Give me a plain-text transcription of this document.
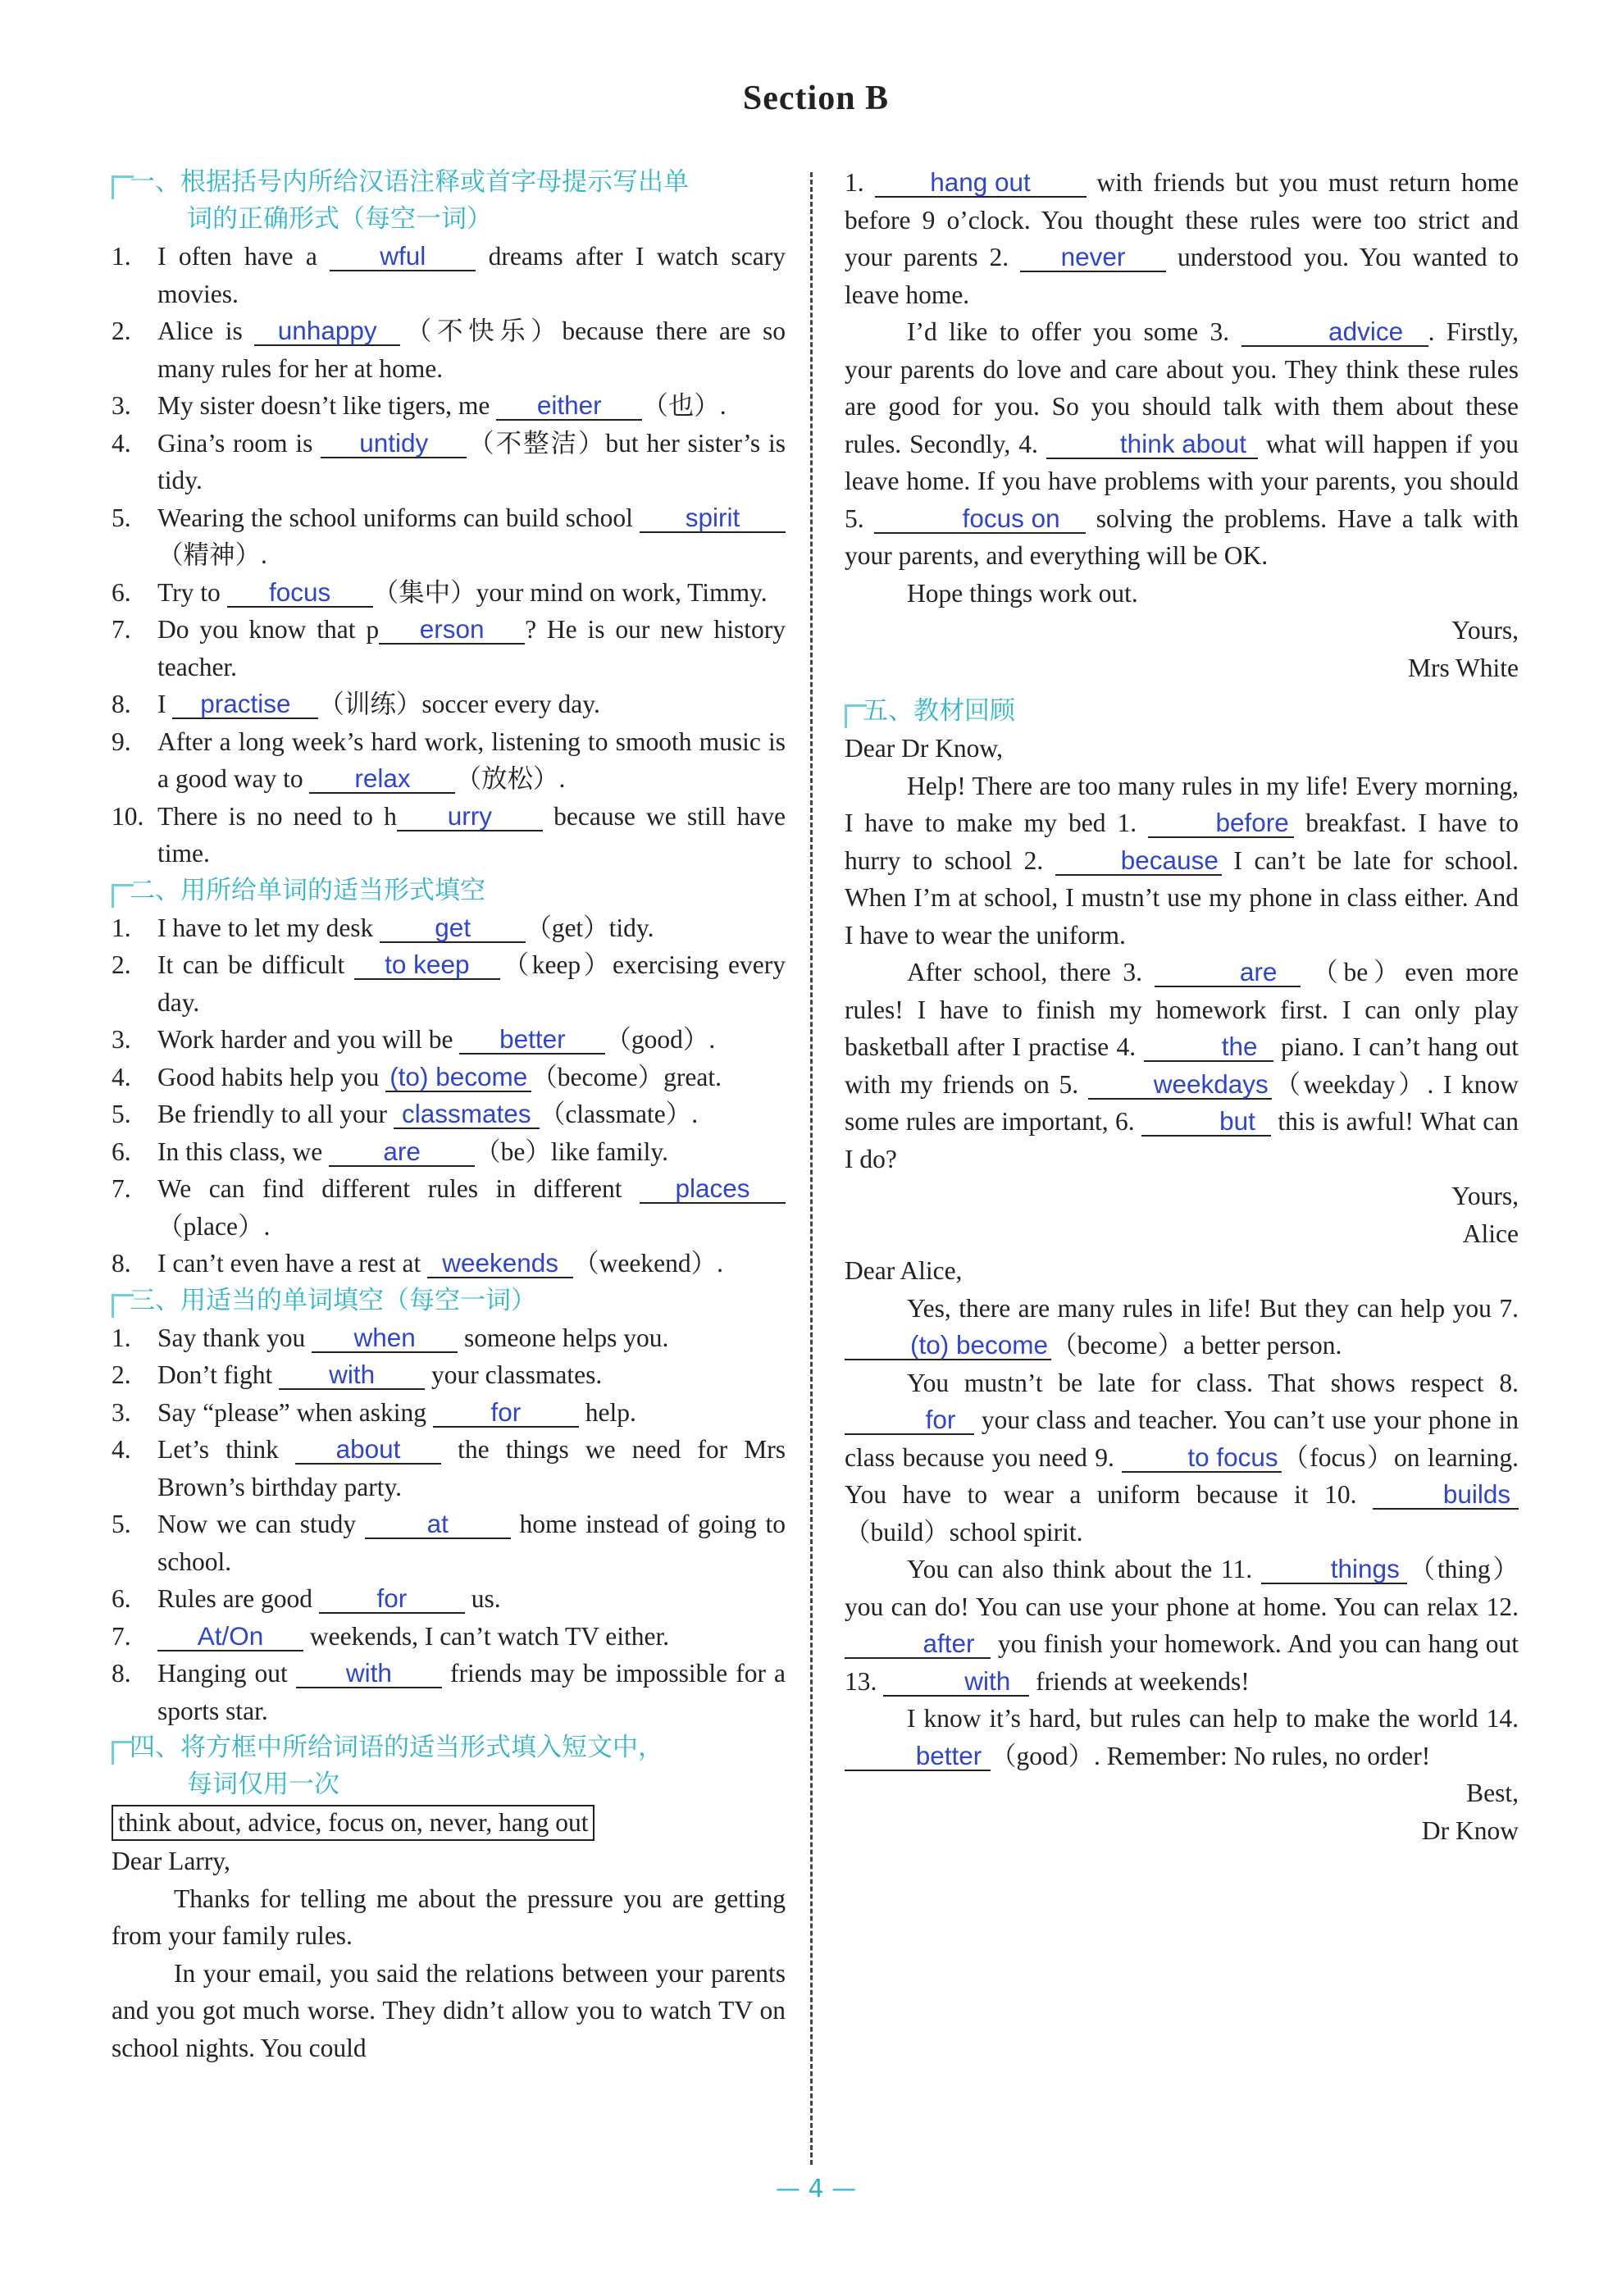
Section B
一、根据括号内所给汉语注释或首字母提示写出单
词的正确形式（每空一词）
1.	I often have a wful dreams after I watch scary movies.
2.	Alice is unhappy （不快乐）because there are so many rules for her at home.
3.	My sister doesn’t like tigers, me either （也）.
4.	Gina’s room is untidy （不整洁）but her sister’s is tidy.
5.	Wearing the school uniforms can build school spirit（精神）.
6.	Try to focus （集中）your mind on work, Timmy.
7.	Do you know that p erson ? He is our new history teacher.
8.	I practise （训练）soccer every day.
9.	After a long week’s hard work, listening to smooth music is a good way to relax （放松）.
10. There is no need to h urry because we still have time.
二、用所给单词的适当形式填空
1.	I have to let my desk get （get）tidy.
2.	It can be difficult to keep （keep）exercising every day.
3.	Work harder and you will be better （good）.
4.	Good habits help you (to) become （become）great.
5.	Be friendly to all your classmates （classmate）.
6.	In this class, we are （be）like family.
7.	We can find different rules in different places（place）.
8.	I can’t even have a rest at weekends （weekend）.
三、用适当的单词填空（每空一词）
1.	Say thank you when someone helps you.
2.	Don’t fight with your classmates.
3.	Say “please” when asking for help.
4.	Let’s think about the things we need for Mrs Brown’s birthday party.
5.	Now we can study at home instead of going to school.
6.	Rules are good for us.
7.	At/On weekends, I can’t watch TV either.
8.	Hanging out with friends may be impossible for a sports star.
四、将方框中所给词语的适当形式填入短文中，
每词仅用一次
think about, advice, focus on, never, hang out
Dear Larry,
Thanks for telling me about the pressure you are getting from your family rules.
In your email, you said the relations between your parents and you got much worse. They didn’t allow you to watch TV on school nights. You could
1.	hang out	with friends but you must return home before 9 o’clock. You thought these rules were too strict and your parents 2. never understood you. You wanted to leave home.
I’d like to offer you some 3.	advice . Firstly, your parents do love and care about you. They think these rules are good for you. So you should talk with them about these rules. Secondly, 4.	think about what will happen if you leave home. If you have problems with your parents, you should 5.	focus on solving the problems. Have a talk with your parents, and everything will be OK.
Hope things work out.
Yours,
Mrs White
五、教材回顾
Dear Dr Know,
Help! There are too many rules in my life! Every morning, I have to make my bed 1.	before breakfast. I have to hurry to school 2.	because I can’t be late for school. When I’m at school, I mustn’t use my phone in class either. And I have to wear the uniform.
After school, there 3.	are （be）even more rules! I have to finish my homework first. I can only play basketball after I practise 4.	the piano. I can’t hang out with my friends on 5.	weekdays （weekday）. I know some rules are important, 6.	but this is awful! What can I do?
Yours,
Alice
Dear Alice,
Yes, there are many rules in life! But they can help you 7. (to) become （become）a better person.
You mustn’t be late for class. That shows respect 8. for your class and teacher. You can’t use your phone in class because you need 9.	to focus （focus）on learning. You have to wear a uniform because it 10.	builds（build）school spirit.
You can also think about the 11.	things （thing）you can do! You can use your phone at home. You can relax 12. after you finish your homework. And you can hang out 13.	with friends at weekends!
I know it’s hard, but rules can help to make the world 14. better （good）. Remember: No rules, no order!
Best,
Dr Know
— 4 —
